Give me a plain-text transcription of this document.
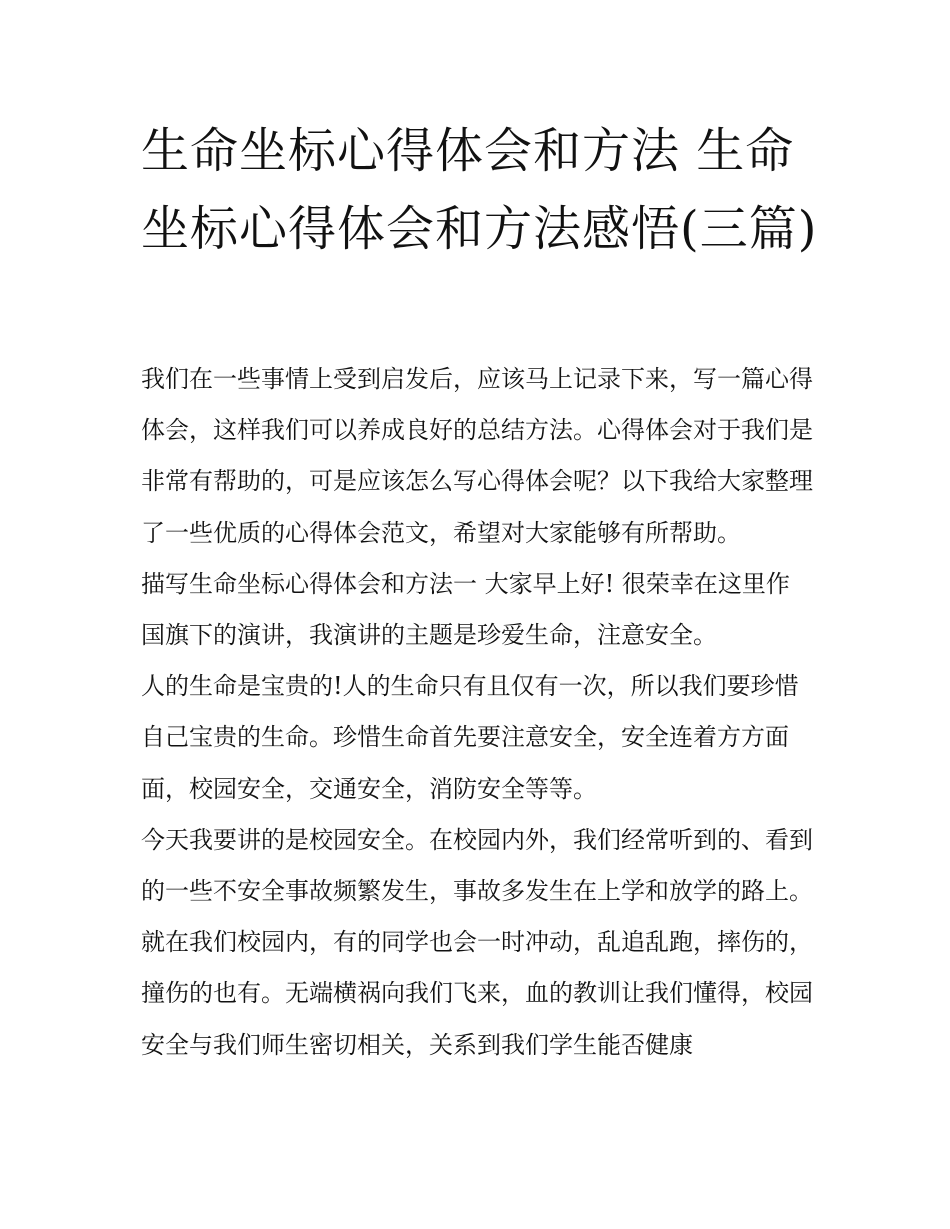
生命坐标心得体会和方法 生命坐标心得体会和方法感悟(三篇)

我们在一些事情上受到启发后，应该马上记录下来，写一篇心得体会，这样我们可以养成良好的总结方法。心得体会对于我们是非常有帮助的，可是应该怎么写心得体会呢？以下我给大家整理了一些优质的心得体会范文，希望对大家能够有所帮助。

描写生命坐标心得体会和方法一 大家早上好! 很荣幸在这里作国旗下的演讲，我演讲的主题是珍爱生命，注意安全。

人的生命是宝贵的!人的生命只有且仅有一次，所以我们要珍惜自己宝贵的生命。珍惜生命首先要注意安全，安全连着方方面面，校园安全，交通安全，消防安全等等。

今天我要讲的是校园安全。在校园内外，我们经常听到的、看到的一些不安全事故频繁发生，事故多发生在上学和放学的路上。就在我们校园内，有的同学也会一时冲动，乱追乱跑，摔伤的，撞伤的也有。无端横祸向我们飞来，血的教训让我们懂得，校园安全与我们师生密切相关，关系到我们学生能否健康
